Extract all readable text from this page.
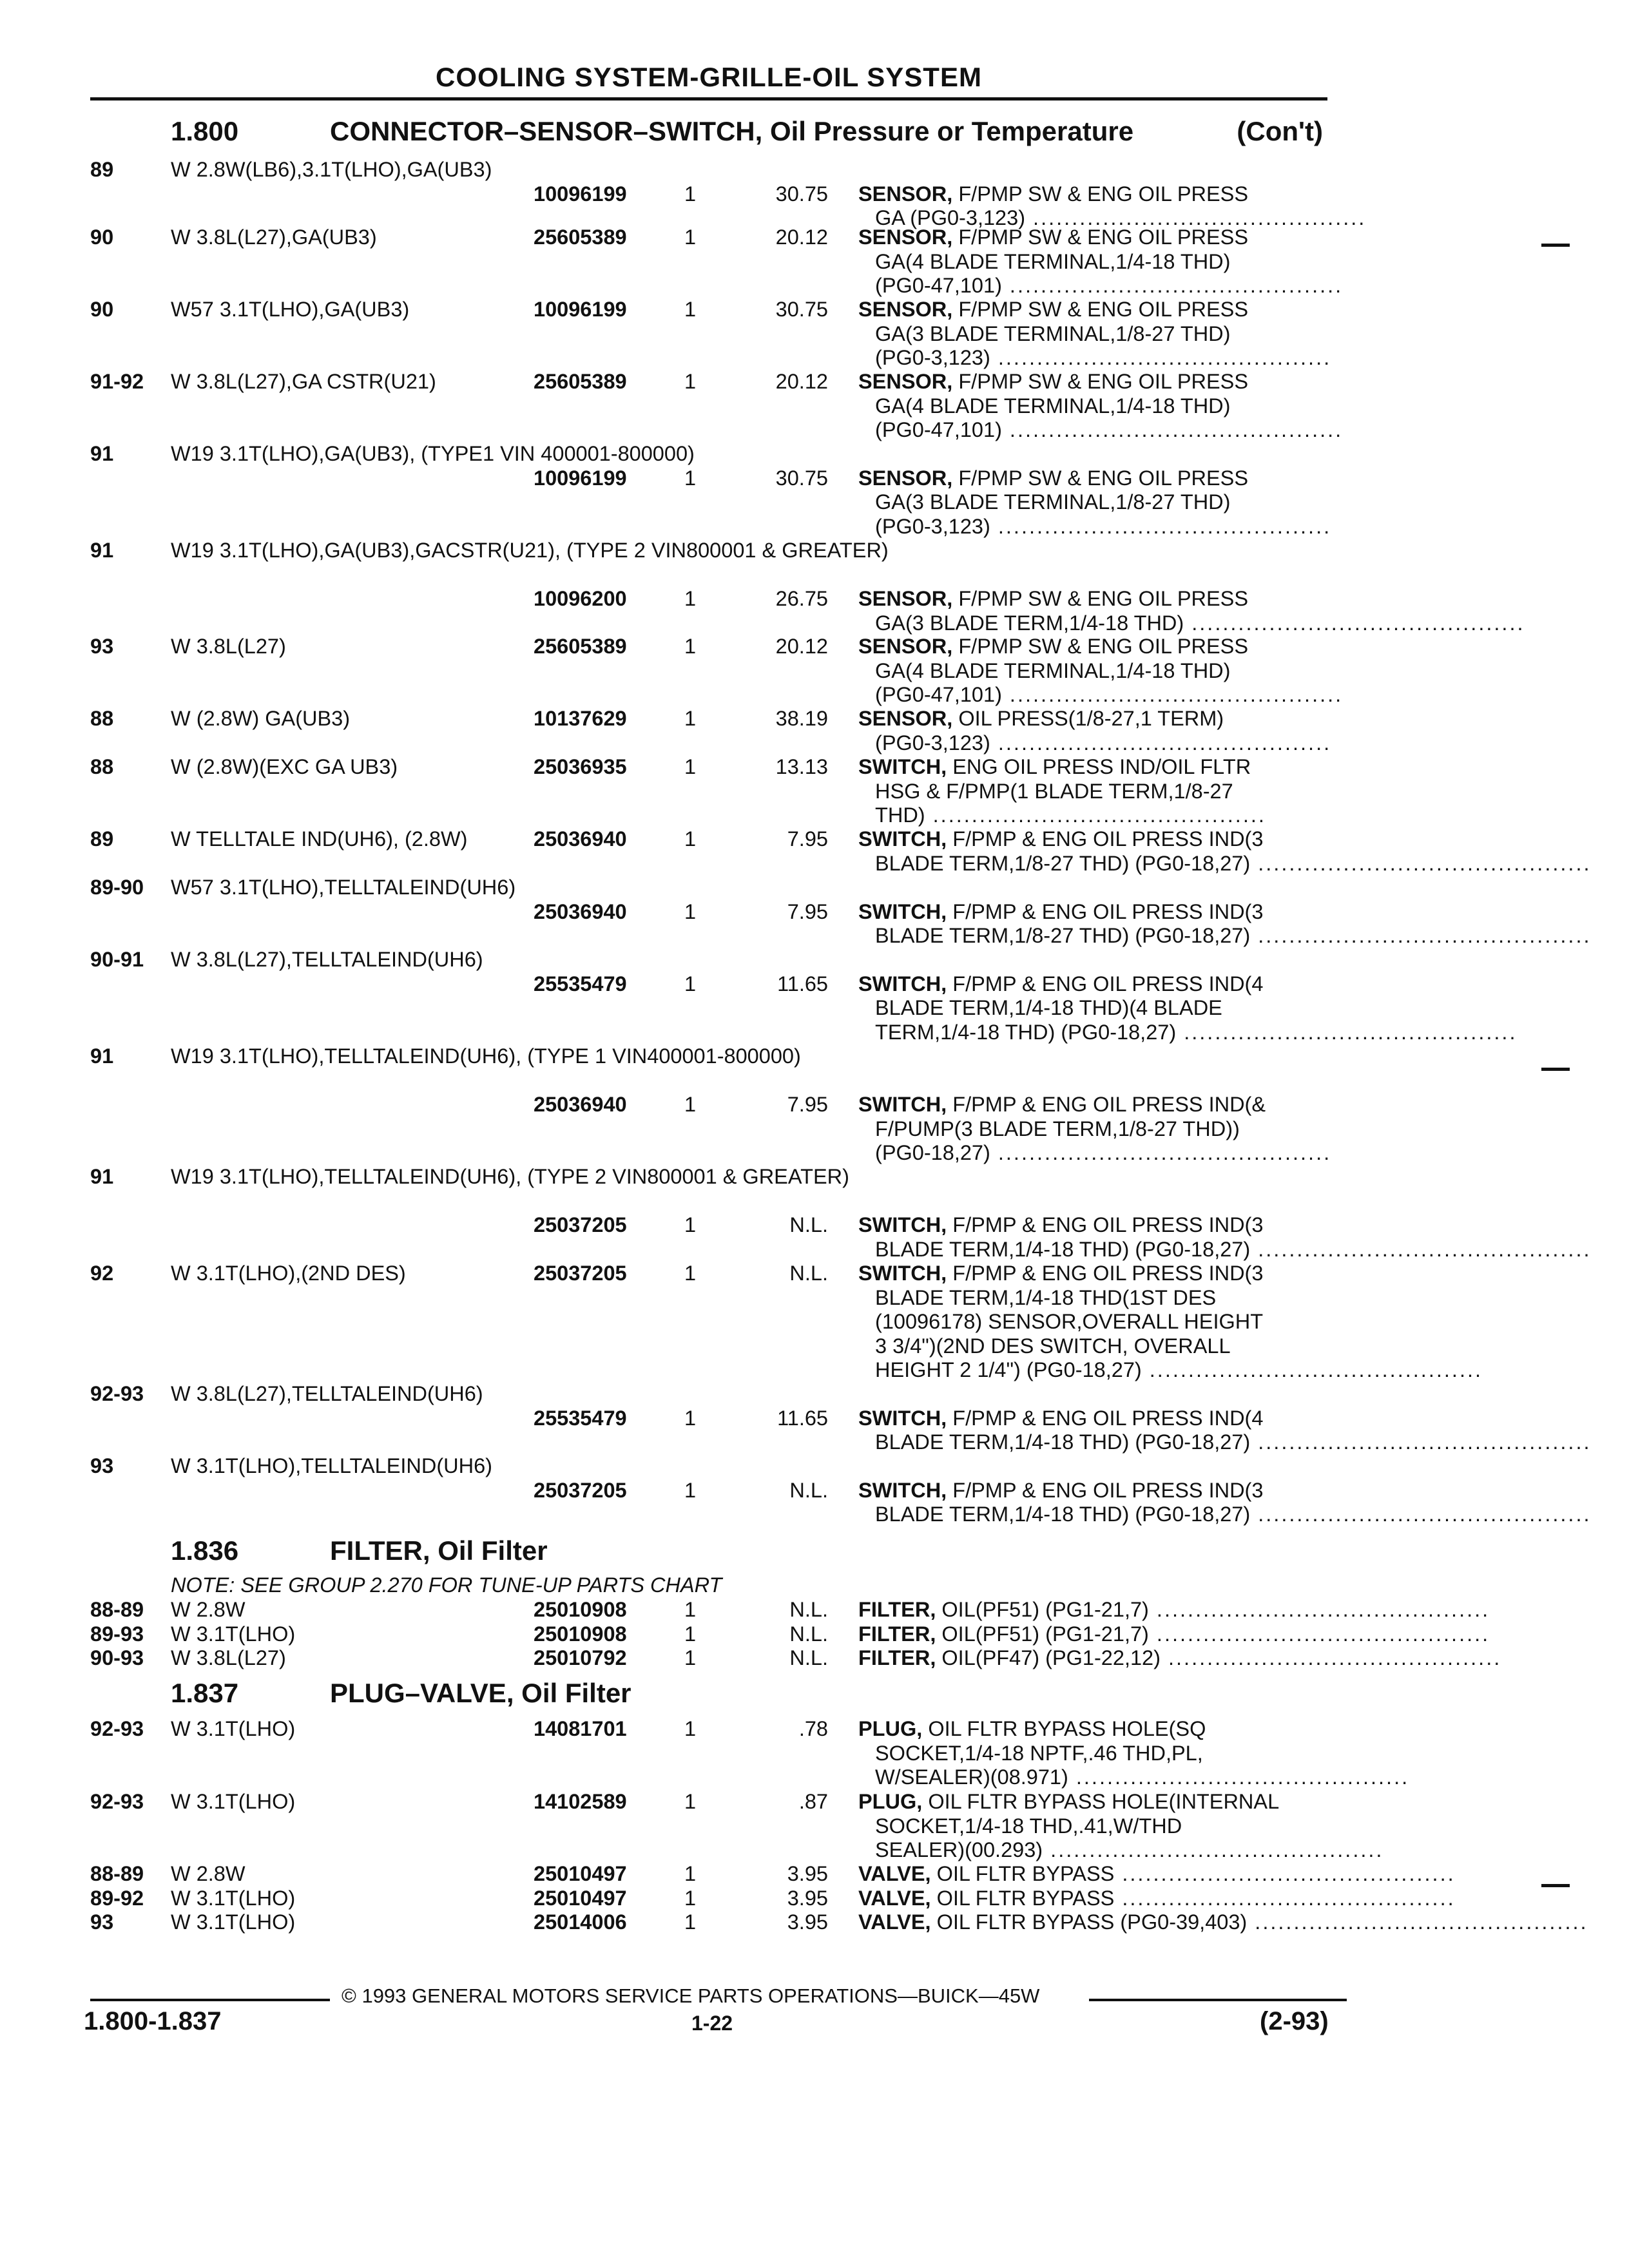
COOLING SYSTEM-GRILLE-OIL SYSTEM
1.800	CONNECTOR–SENSOR–SWITCH, Oil Pressure or Temperature	(Con't)
89	W 2.8W(LB6),3.1T(LHO),GA(UB3)
10096199	1	30.75 SENSOR, F/PMP SW & ENG OIL PRESS
GA (PG0-3,123) .....
90	W 3.8L(L27),GA(UB3)	25605389	1	20.12 SENSOR, F/PMP SW & ENG OIL PRESS
GA(4 BLADE TERMINAL,1/4-18 THD)
(PG0-47,101) .....
90	W57 3.1T(LHO),GA(UB3)	10096199	1	30.75 SENSOR, F/PMP SW & ENG OIL PRESS
GA(3 BLADE TERMINAL,1/8-27 THD)
(PG0-3,123) .....
91-92 W 3.8L(L27),GA CSTR(U21)	25605389	1	20.12 SENSOR, F/PMP SW & ENG OIL PRESS
GA(4 BLADE TERMINAL,1/4-18 THD)
(PG0-47,101) .....
91	W19 3.1T(LHO),GA(UB3), (TYPE1 VIN 400001-800000)
10096199	1	30.75 SENSOR, F/PMP SW & ENG OIL PRESS
GA(3 BLADE TERMINAL,1/8-27 THD)
(PG0-3,123) .....
91	W19 3.1T(LHO),GA(UB3),GACSTR(U21), (TYPE 2 VIN800001 & GREATER)
10096200	1	26.75 SENSOR, F/PMP SW & ENG OIL PRESS
GA(3 BLADE TERM,1/4-18 THD) .....
93	W 3.8L(L27)	25605389	1	20.12 SENSOR, F/PMP SW & ENG OIL PRESS
GA(4 BLADE TERMINAL,1/4-18 THD)
(PG0-47,101) .....
88	W (2.8W) GA(UB3)	10137629	1	38.19 SENSOR, OIL PRESS(1/8-27,1 TERM)
(PG0-3,123) .....
88	W (2.8W)(EXC GA UB3)	25036935	1	13.13 SWITCH, ENG OIL PRESS IND/OIL FLTR
HSG & F/PMP(1 BLADE TERM,1/8-27
THD) .....
89	W TELLTALE IND(UH6), (2.8W)	25036940	1	7.95 SWITCH, F/PMP & ENG OIL PRESS IND(3
BLADE TERM,1/8-27 THD) (PG0-18,27) .....
89-90 W57 3.1T(LHO),TELLTALEIND(UH6)
25036940	1	7.95 SWITCH, F/PMP & ENG OIL PRESS IND(3
BLADE TERM,1/8-27 THD) (PG0-18,27) .....
90-91 W 3.8L(L27),TELLTALEIND(UH6)
25535479	1	11.65 SWITCH, F/PMP & ENG OIL PRESS IND(4
BLADE TERM,1/4-18 THD)(4 BLADE
TERM,1/4-18 THD) (PG0-18,27) .....
91	W19 3.1T(LHO),TELLTALEIND(UH6), (TYPE 1 VIN400001-800000)
25036940	1	7.95 SWITCH, F/PMP & ENG OIL PRESS IND(&
F/PUMP(3 BLADE TERM,1/8-27 THD))
(PG0-18,27) .....
91	W19 3.1T(LHO),TELLTALEIND(UH6), (TYPE 2 VIN800001 & GREATER)
25037205	1	N.L. SWITCH, F/PMP & ENG OIL PRESS IND(3
BLADE TERM,1/4-18 THD) (PG0-18,27) .....
92	W 3.1T(LHO),(2ND DES)	25037205	1	N.L. SWITCH, F/PMP & ENG OIL PRESS IND(3
BLADE TERM,1/4-18 THD(1ST DES
(10096178) SENSOR,OVERALL HEIGHT
3 3/4")(2ND DES SWITCH, OVERALL
HEIGHT 2 1/4") (PG0-18,27) .....
92-93 W 3.8L(L27),TELLTALEIND(UH6)
25535479	1	11.65 SWITCH, F/PMP & ENG OIL PRESS IND(4
BLADE TERM,1/4-18 THD) (PG0-18,27) .....
93	W 3.1T(LHO),TELLTALEIND(UH6)
25037205	1	N.L. SWITCH, F/PMP & ENG OIL PRESS IND(3
BLADE TERM,1/4-18 THD) (PG0-18,27) .....
1.836	FILTER, Oil Filter
NOTE: SEE GROUP 2.270 FOR TUNE-UP PARTS CHART
88-89 W 2.8W	25010908	1	N.L. FILTER, OIL(PF51) (PG1-21,7) .....
89-93 W 3.1T(LHO)	25010908	1	N.L. FILTER, OIL(PF51) (PG1-21,7) .....
90-93 W 3.8L(L27)	25010792	1	N.L. FILTER, OIL(PF47) (PG1-22,12) .....
1.837	PLUG–VALVE, Oil Filter
92-93 W 3.1T(LHO)	14081701	1	.78 PLUG, OIL FLTR BYPASS HOLE(SQ
SOCKET,1/4-18 NPTF,.46 THD,PL,
W/SEALER)(08.971) .....
92-93 W 3.1T(LHO)	14102589	1	.87 PLUG, OIL FLTR BYPASS HOLE(INTERNAL
SOCKET,1/4-18 THD,.41,W/THD
SEALER)(00.293) .....
88-89 W 2.8W	25010497	1	3.95 VALVE, OIL FLTR BYPASS .....
89-92 W 3.1T(LHO)	25010497	1	3.95 VALVE, OIL FLTR BYPASS .....
93	W 3.1T(LHO)	25014006	1	3.95 VALVE, OIL FLTR BYPASS (PG0-39,403) .....
© 1993 GENERAL MOTORS SERVICE PARTS OPERATIONS—BUICK—45W
1.800-1.837	1-22	(2-93)
